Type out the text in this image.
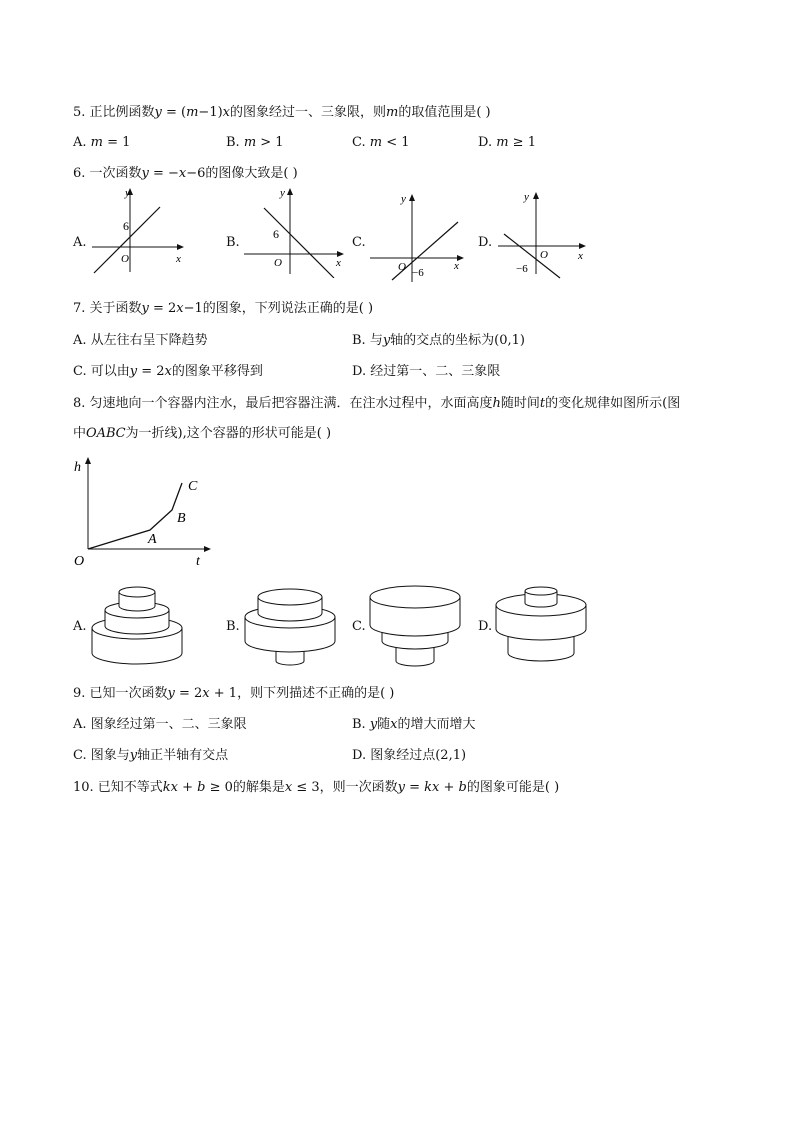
5. 正比例函数𝑦 = (𝑚−1)𝑥的图象经过一、三象限，则𝑚的取值范围是( )
A. 𝑚 = 1	B. 𝑚 > 1	C. 𝑚 < 1	D. 𝑚 ≥ 1
6. 一次函数𝑦 = −𝑥−6的图像大致是( )
A.
y
x
O
6
B.
y
x
O
6
C.
y
x
O −6
D.
y
x
O
−6
7. 关于函数𝑦 = 2𝑥−1的图象，下列说法正确的是( )
A. 从左往右呈下降趋势	B. 与𝑦轴的交点的坐标为(0,1)
C. 可以由𝑦 = 2𝑥的图象平移得到	D. 经过第一、二、三象限
8. 匀速地向一个容器内注水，最后把容器注满．在注水过程中，水面高度ℎ随时间𝑡的变化规律如图所示(图
中𝑂𝐴𝐵𝐶为一折线),这个容器的形状可能是( )
h
t
O
A
B
C
A.	B.	C.	D.
9. 已知一次函数𝑦 = 2𝑥 + 1，则下列描述不正确的是( )
A. 图象经过第一、二、三象限	B. 𝑦随𝑥的增大而增大
C. 图象与𝑦轴正半轴有交点	D. 图象经过点(2,1)
10. 已知不等式𝑘𝑥 + 𝑏 ≥ 0的解集是𝑥 ≤ 3，则一次函数𝑦 = 𝑘𝑥 + 𝑏的图象可能是( )
